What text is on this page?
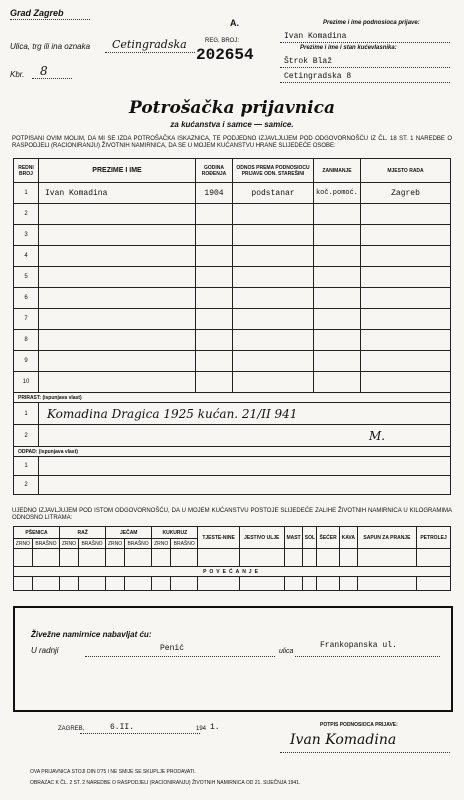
Grad Zagreb
Ulica, trg ili ina oznaka Cetingradska
Kbr. 8
A.
REG. BROJ:
202654
Prezime i ime podnosioca prijave:
Ivan Komadina
Prezime i ime i stan kućevlasnika:
Štrok Blaž
Cetingradska 8
Potrošačka prijavnica
za kućanstva i samce — samice.
POTPISANI OVIM MOLIM, DA MI SE IZDA POTROŠAČKA ISKAZNICA, TE PODJEDNO IZJAVLJUJEM POD ODGOVORNOŠĆU IZ ČL. 18 ST. 1 NAREDBE O RASPODJELI (RACIONIRANJU) ŽIVOTNIH NAMIRNICA, DA SE U MOJEM KUĆANSTVU HRANE SLIJEDEĆE OSOBE:
REDNI BROJ	PREZIME I IME	GODINA ROĐENJA	ODNOS PREMA PODNOSIOCU PRIJAVE ODN. STAREŠINI	ZANIMANJE	MJESTO RADA
1	Ivan Komadina	1904	podstanar	koč.pomoć.	Zagreb
2					
3					
4					
5					
6					
7					
8					
9					
10					
PRIRAST: (ispunjava vlast)					
1	Komadina Dragica 1925 kućan. 21/II 941				
2	M.				
ODPAD: (ispunjava vlast)					
1					
2					
UJEDNO IZJAVLJUJEM POD ISTOM ODGOVORNOŠĆU, DA U MOJEM KUĆANSTVU POSTOJE SLIJEDEĆE ZALIHE ŽIVOTNIH NAMIRNICA U KILOGRAMIMA ODNOSNO LITRAMA:
PŠENICA		RAŽ		JEČAM		KUKURUZ		TJESTE-NINE	JESTIVO ULJE	MAST	SOL	ŠEĆER	KAVA	SAPUN ZA PRANJE	PETROLEJ
ZRNO	BRAŠNO	ZRNO	BRAŠNO	ZRNO	BRAŠNO	ZRNO	BRAŠNO								

POVEĆANJE															

Živežne namirnice nabavljat ću:
U radnji	Penić	ulica
Frankopanska ul.
ZAGREB,	6.II.	194 1.	POTPIS PODNOSIOCA PRIJAVE:
Ivan Komadina
OVA PRIJAVNICA STOJI DIN 0'75 I NE SMIJE SE SKUPLJE PRODAVATI.
OBRAZAC K ČL. 2 ST. 2 NAREDBE O RASPODJELI (RACIONIRANJU) ŽIVOTNIH NAMIRNICA OD 21. SIJEČNJA 1941.
